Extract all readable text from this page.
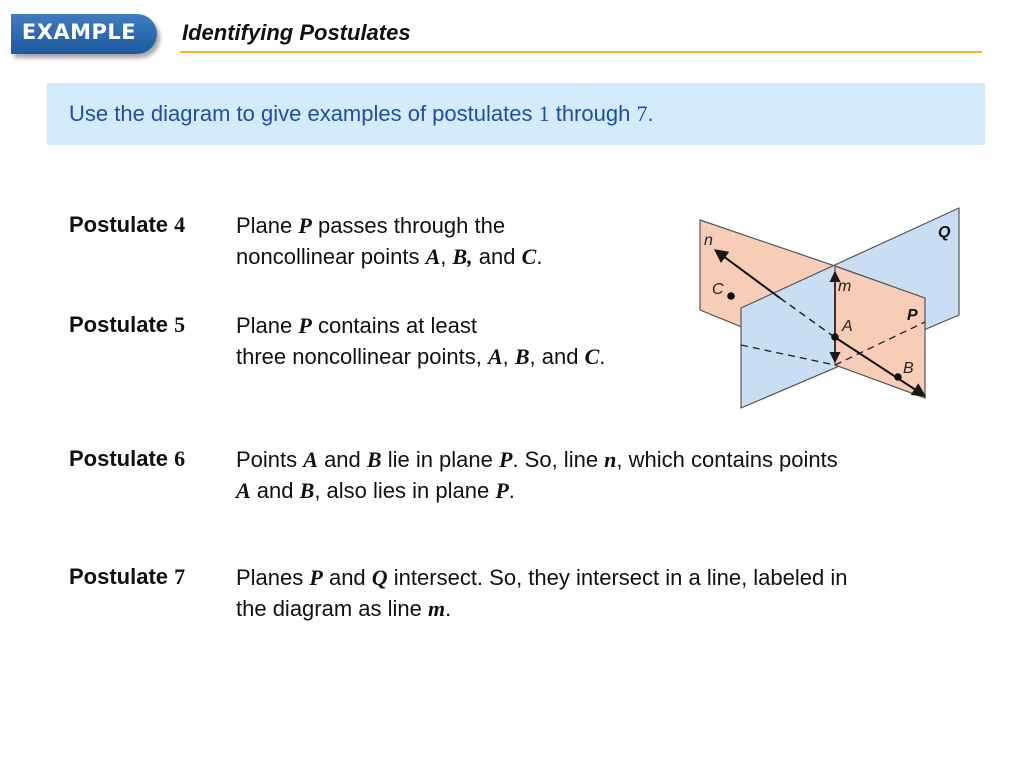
EXAMPLE	Identifying Postulates
Use the diagram to give examples of postulates 1 through 7.
Postulate 4 Plane P passes through the
noncollinear points A, B, and C.
Postulate 5 Plane P contains at least
three noncollinear points, A, B, and C.
Postulate 6 Points A and B lie in plane P. So, line n, which contains points
A and B, also lies in plane P.
Postulate 7 Planes P and Q intersect. So, they intersect in a line, labeled in
the diagram as line m.
n
m
C
A
B
P
Q
